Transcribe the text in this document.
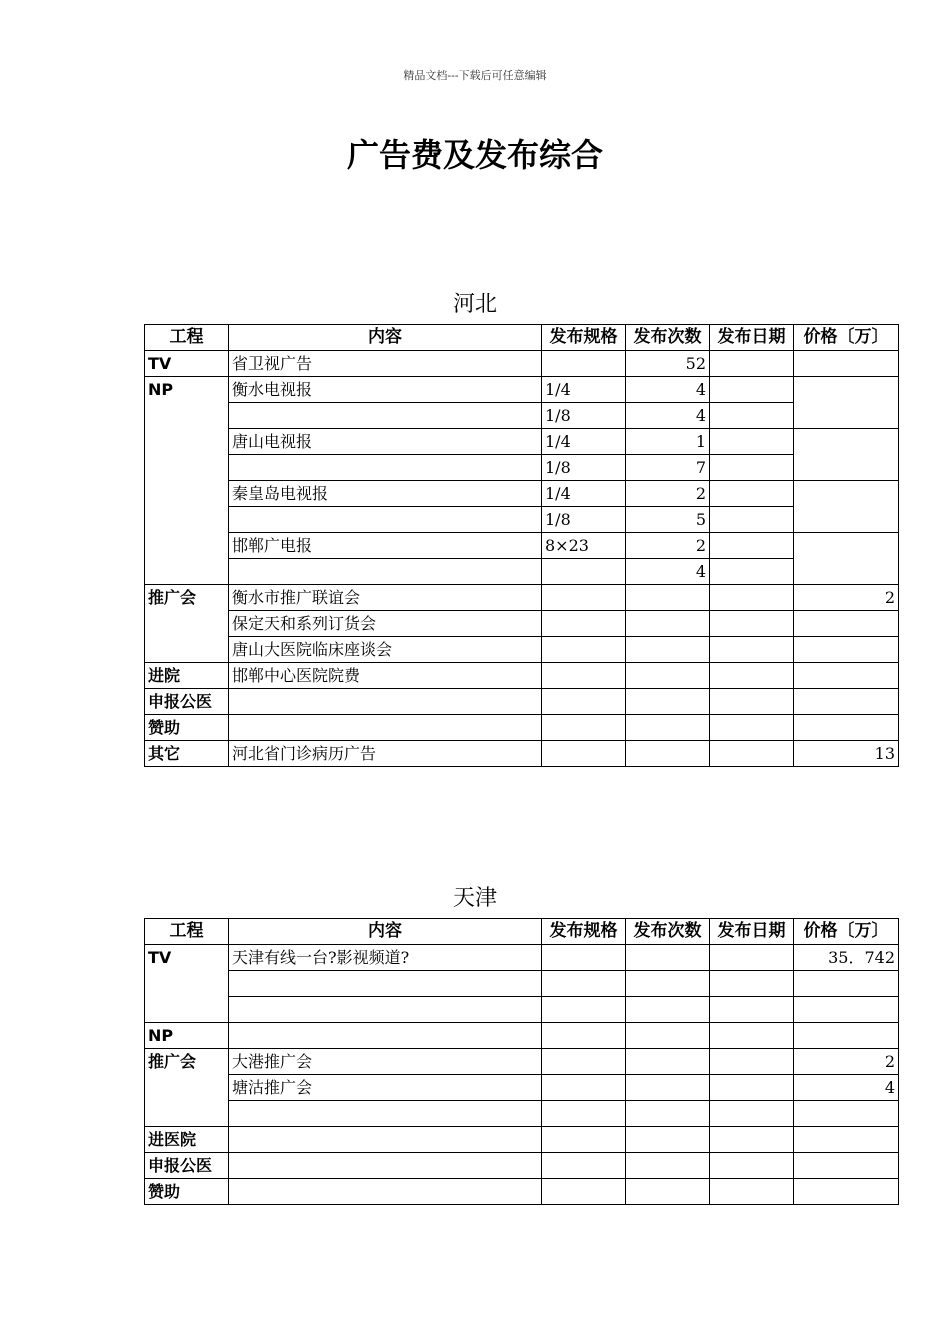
精品文档---下载后可任意编辑
广告费及发布综合
河北
工程	内容	发布规格	发布次数	发布日期	价格〔万〕
TV	省卫视广告		52		
NP	衡水电视报	1/4	4		
		1/8	4		
	唐山电视报	1/4	1		
		1/8	7		
	秦皇岛电视报	1/4	2		
		1/8	5		
	邯郸广电报	8×23	2		
			4		
推广会	衡水市推广联谊会				2
	保定天和系列订货会				
	唐山大医院临床座谈会				
进院	邯郸中心医院院费				
申报公医					
赞助					
其它	河北省门诊病历广告				13
天津
工程	内容	发布规格	发布次数	发布日期	价格〔万〕
TV	天津有线一台?影视频道?				35．742

NP					
推广会	大港推广会				2
	塘沽推广会				4

进医院					
申报公医					
赞助					
